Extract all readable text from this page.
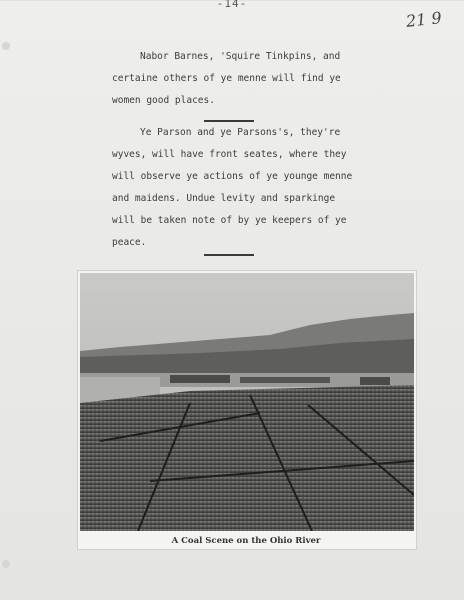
-14-
21 9

Nabor Barnes, 'Squire Tinkpins, and

certaine others of ye menne will find ye

women good places.

Ye Parson and ye Parsons's, they're

wyves, will have front seates, where they

will observe ye actions of ye younge menne

and maidens. Undue levity and sparkinge

will be taken note of by ye keepers of ye

peace.

A Coal Scene on the Ohio River
